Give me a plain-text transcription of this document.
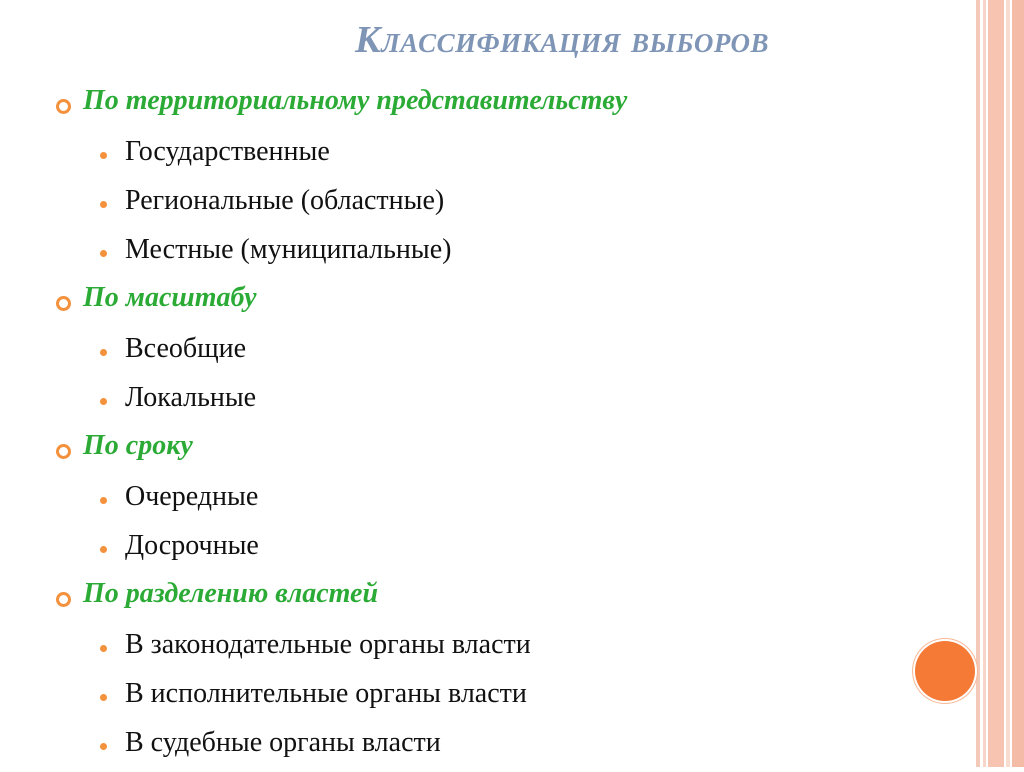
Классификация выборов
По территориальному представительству
Государственные
Региональные (областные)
Местные (муниципальные)
По масштабу
Всеобщие
Локальные
По сроку
Очередные
Досрочные
По разделению властей
В законодательные органы власти
В исполнительные органы власти
В судебные органы власти
